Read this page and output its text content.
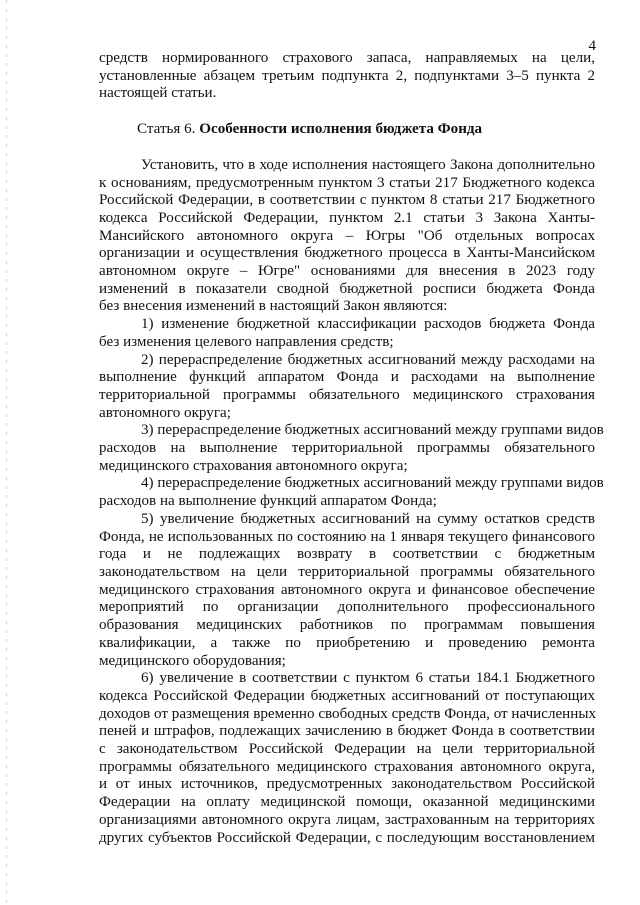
4
средств нормированного страхового запаса, направляемых на цели,
установленные абзацем третьим подпункта 2, подпунктами 3–5 пункта 2
настоящей статьи.
Статья 6. Особенности исполнения бюджета Фонда
Установить, что в ходе исполнения настоящего Закона дополнительно
к основаниям, предусмотренным пунктом 3 статьи 217 Бюджетного кодекса
Российской Федерации, в соответствии с пунктом 8 статьи 217 Бюджетного
кодекса Российской Федерации, пунктом 2.1 статьи 3 Закона Ханты-
Мансийского автономного округа – Югры "Об отдельных вопросах
организации и осуществления бюджетного процесса в Ханты-Мансийском
автономном округе – Югре" основаниями для внесения в 2023 году
изменений в показатели сводной бюджетной росписи бюджета Фонда
без внесения изменений в настоящий Закон являются:
1) изменение бюджетной классификации расходов бюджета Фонда
без изменения целевого направления средств;
2) перераспределение бюджетных ассигнований между расходами на
выполнение функций аппаратом Фонда и расходами на выполнение
территориальной программы обязательного медицинского страхования
автономного округа;
3) перераспределение бюджетных ассигнований между группами видов
расходов на выполнение территориальной программы обязательного
медицинского страхования автономного округа;
4) перераспределение бюджетных ассигнований между группами видов
расходов на выполнение функций аппаратом Фонда;
5) увеличение бюджетных ассигнований на сумму остатков средств
Фонда, не использованных по состоянию на 1 января текущего финансового
года и не подлежащих возврату в соответствии с бюджетным
законодательством на цели территориальной программы обязательного
медицинского страхования автономного округа и финансовое обеспечение
мероприятий по организации дополнительного профессионального
образования медицинских работников по программам повышения
квалификации, а также по приобретению и проведению ремонта
медицинского оборудования;
6) увеличение в соответствии с пунктом 6 статьи 184.1 Бюджетного
кодекса Российской Федерации бюджетных ассигнований от поступающих
доходов от размещения временно свободных средств Фонда, от начисленных
пеней и штрафов, подлежащих зачислению в бюджет Фонда в соответствии
с законодательством Российской Федерации на цели территориальной
программы обязательного медицинского страхования автономного округа,
и от иных источников, предусмотренных законодательством Российской
Федерации на оплату медицинской помощи, оказанной медицинскими
организациями автономного округа лицам, застрахованным на территориях
других субъектов Российской Федерации, с последующим восстановлением
